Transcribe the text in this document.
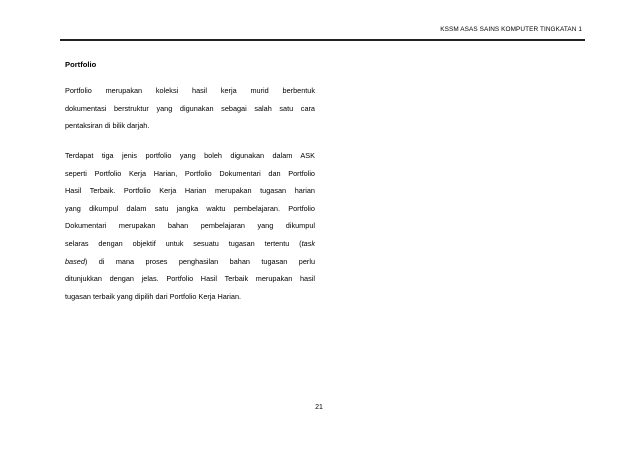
KSSM ASAS SAINS KOMPUTER TINGKATAN 1
Portfolio

Portfolio merupakan koleksi hasil kerja murid berbentuk
dokumentasi berstruktur yang digunakan sebagai salah satu cara
pentaksiran di bilik darjah.

Terdapat tiga jenis portfolio yang boleh digunakan dalam ASK
seperti Portfolio Kerja Harian, Portfolio Dokumentari dan Portfolio
Hasil Terbaik. Portfolio Kerja Harian merupakan tugasan harian
yang dikumpul dalam satu jangka waktu pembelajaran. Portfolio
Dokumentari merupakan bahan pembelajaran yang dikumpul
selaras dengan objektif untuk sesuatu tugasan tertentu (task
based) di mana proses penghasilan bahan tugasan perlu
ditunjukkan dengan jelas. Portfolio Hasil Terbaik merupakan hasil
tugasan terbaik yang dipilih dari Portfolio Kerja Harian.

21
